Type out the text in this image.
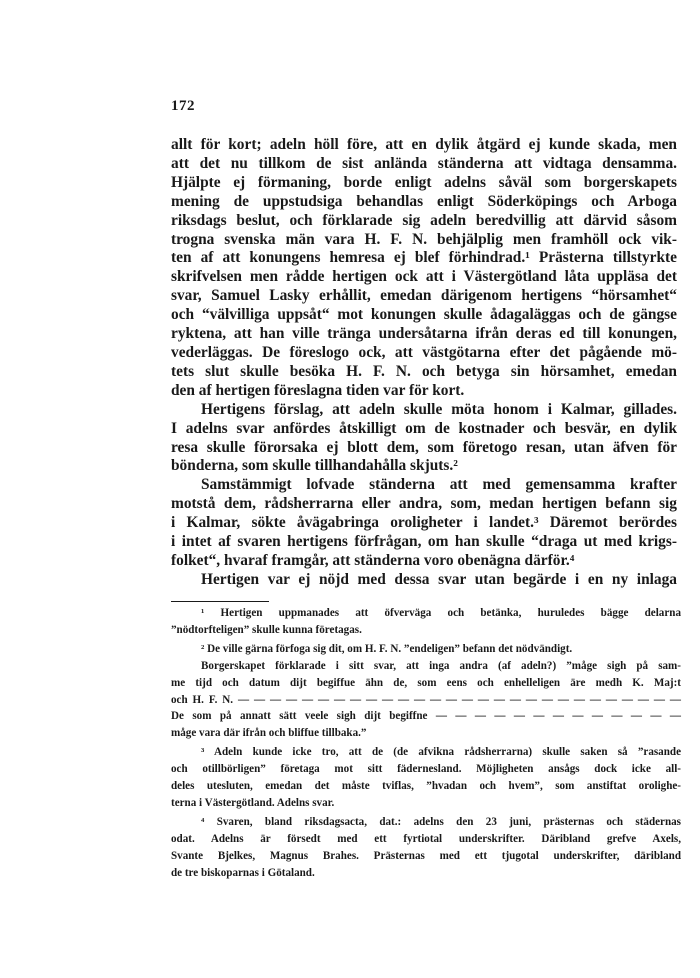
172
allt för kort; adeln höll före, att en dylik åtgärd ej kunde skada, men
att det nu tillkom de sist anlända ständerna att vidtaga densamma.
Hjälpte ej förmaning, borde enligt adelns såväl som borgerskapets
mening de uppstudsiga behandlas enligt Söderköpings och Arboga
riksdags beslut, och förklarade sig adeln beredvillig att därvid såsom
trogna svenska män vara H. F. N. behjälplig men framhöll ock vik-
ten af att konungens hemresa ej blef förhindrad.¹ Prästerna tillstyrkte
skrifvelsen men rådde hertigen ock att i Västergötland låta uppläsa det
svar, Samuel Lasky erhållit, emedan därigenom hertigens “hörsamhet“
och “välvilliga uppsåt“ mot konungen skulle ådagaläggas och de gängse
ryktena, att han ville tränga undersåtarna ifrån deras ed till konungen,
vederläggas. De föreslogo ock, att västgötarna efter det pågående mö-
tets slut skulle besöka H. F. N. och betyga sin hörsamhet, emedan
den af hertigen föreslagna tiden var för kort.
Hertigens förslag, att adeln skulle möta honom i Kalmar, gillades.
I adelns svar anfördes åtskilligt om de kostnader och besvär, en dylik
resa skulle förorsaka ej blott dem, som företogo resan, utan äfven för
bönderna, som skulle tillhandahålla skjuts.²
Samstämmigt lofvade ständerna att med gemensamma krafter
motstå dem, rådsherrarna eller andra, som, medan hertigen befann sig
i Kalmar, sökte åvägabringa oroligheter i landet.³ Däremot berördes
i intet af svaren hertigens förfrågan, om han skulle “draga ut med krigs-
folket“, hvaraf framgår, att ständerna voro obenägna därför.⁴
Hertigen var ej nöjd med dessa svar utan begärde i en ny inlaga
¹ Hertigen uppmanades att öfverväga och betänka, huruledes bägge delarna
”nödtorfteligen” skulle kunna företagas.
² De ville gärna förfoga sig dit, om H. F. N. ”endeligen” befann det nödvändigt.
Borgerskapet förklarade i sitt svar, att inga andra (af adeln?) ”måge sigh på sam-
me tijd och datum dijt begiffue ähn de, som eens och enhelleligen äre medh K. Maj:t
och H. F. N. — — — — — — — — — — — — — — — — — — — — — — — — — — — —
De som på annatt sätt veele sigh dijt begiffne — — — — — — — — — — — — —
måge vara där ifrån och bliffue tillbaka.”
³ Adeln kunde icke tro, att de (de afvikna rådsherrarna) skulle saken så ”rasande
och otillbörligen” företaga mot sitt fädernesland. Möjligheten ansågs dock icke all-
deles utesluten, emedan det måste tviflas, ”hvadan och hvem”, som anstiftat orolighe-
terna i Västergötland. Adelns svar.
⁴ Svaren, bland riksdagsacta, dat.: adelns den 23 juni, prästernas och städernas
odat. Adelns är försedt med ett fyrtiotal underskrifter. Däribland grefve Axels,
Svante Bjelkes, Magnus Brahes. Prästernas med ett tjugotal underskrifter, däribland
de tre biskoparnas i Götaland.
